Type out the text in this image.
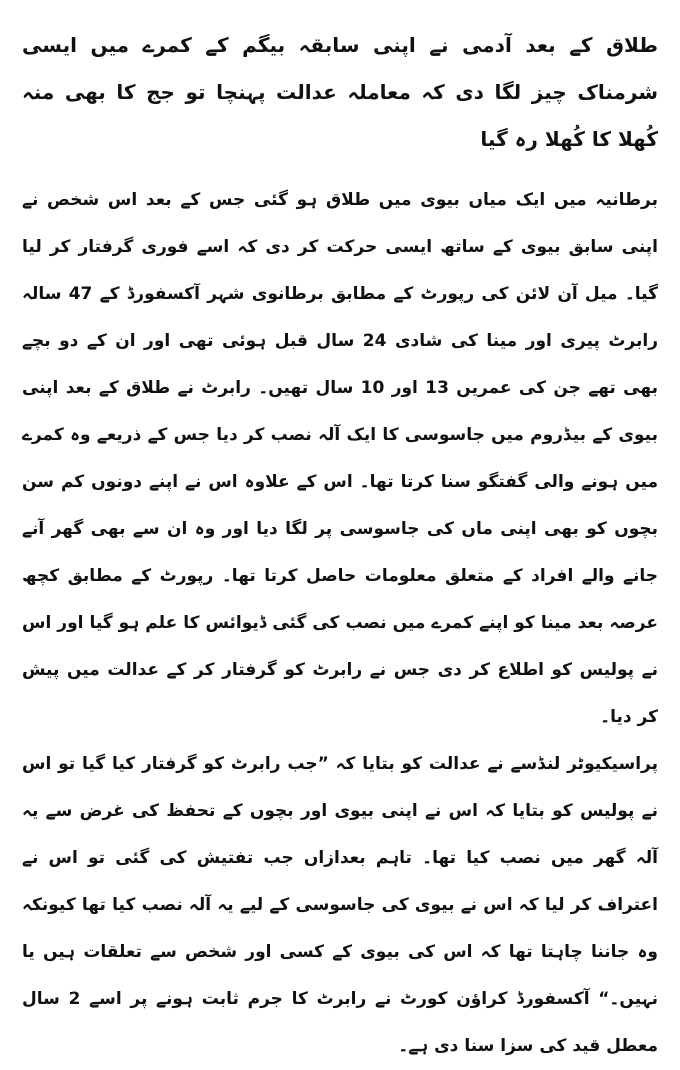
طلاق کے بعد آدمی نے اپنی سابقہ بیگم کے کمرے میں ایسی شرمناک چیز لگا دی کہ معاملہ عدالت پہنچا تو جج کا بھی منہ کُھلا کا کُھلا رہ گیا

برطانیہ میں ایک میاں بیوی میں طلاق ہو گئی جس کے بعد اس شخص نے اپنی سابق بیوی کے ساتھ ایسی حرکت کر دی کہ اسے فوری گرفتار کر لیا گیا۔ میل آن لائن کی رپورٹ کے مطابق برطانوی شہر آکسفورڈ کے 47 سالہ رابرٹ پیری اور مینا کی شادی 24 سال قبل ہوئی تھی اور ان کے دو بچے بھی تھے جن کی عمریں 13 اور 10 سال تھیں۔ رابرٹ نے طلاق کے بعد اپنی بیوی کے بیڈروم میں جاسوسی کا ایک آلہ نصب کر دیا جس کے ذریعے وہ کمرے میں ہونے والی گفتگو سنا کرتا تھا۔ اس کے علاوہ اس نے اپنے دونوں کم سن بچوں کو بھی اپنی ماں کی جاسوسی پر لگا دیا اور وہ ان سے بھی گھر آنے جانے والے افراد کے متعلق معلومات حاصل کرتا تھا۔ رپورٹ کے مطابق کچھ عرصہ بعد مینا کو اپنے کمرے میں نصب کی گئی ڈیوائس کا علم ہو گیا اور اس نے پولیس کو اطلاع کر دی جس نے رابرٹ کو گرفتار کر کے عدالت میں پیش کر دیا۔

پراسیکیوٹر لنڈسے نے عدالت کو بتایا کہ ”جب رابرٹ کو گرفتار کیا گیا تو اس نے پولیس کو بتایا کہ اس نے اپنی بیوی اور بچوں کے تحفظ کی غرض سے یہ آلہ گھر میں نصب کیا تھا۔ تاہم بعدازاں جب تفتیش کی گئی تو اس نے اعتراف کر لیا کہ اس نے بیوی کی جاسوسی کے لیے یہ آلہ نصب کیا تھا کیونکہ وہ جاننا چاہتا تھا کہ اس کی بیوی کے کسی اور شخص سے تعلقات ہیں یا نہیں۔“ آکسفورڈ کراؤن کورٹ نے رابرٹ کا جرم ثابت ہونے پر اسے 2 سال معطل قید کی سزا سنا دی ہے۔
